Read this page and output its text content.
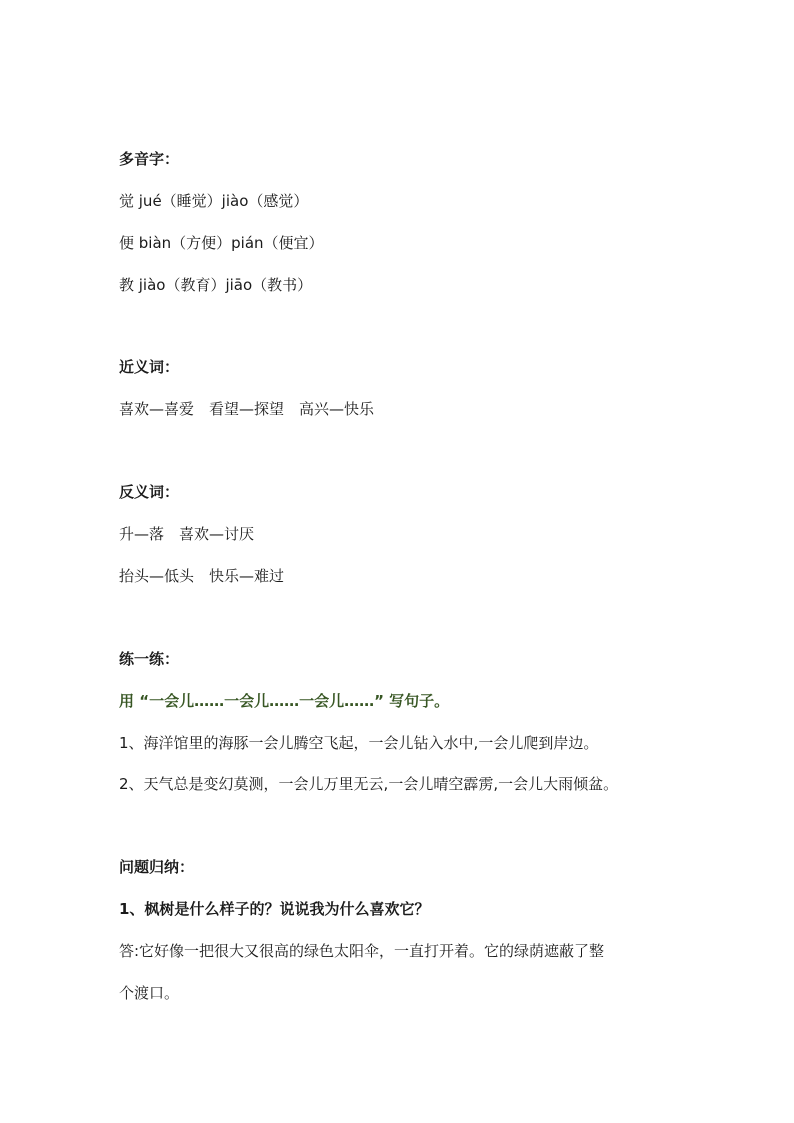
多音字：
觉 jué（睡觉）jiào（感觉）
便 biàn（方便）pián（便宜）
教 jiào（教育）jiāo（教书）
近义词：
喜欢—喜爱　看望—探望　高兴—快乐
反义词：
升—落　喜欢—讨厌
抬头—低头　快乐—难过
练一练：
用 “一会儿……一会儿……一会儿……” 写句子。
1、海洋馆里的海豚一会儿腾空飞起，一会儿钻入水中,一会儿爬到岸边。
2、天气总是变幻莫测，一会儿万里无云,一会儿晴空霹雳,一会儿大雨倾盆。
问题归纳：
1、枫树是什么样子的？说说我为什么喜欢它？
答:它好像一把很大又很高的绿色太阳伞，一直打开着。它的绿荫遮蔽了整
个渡口。
